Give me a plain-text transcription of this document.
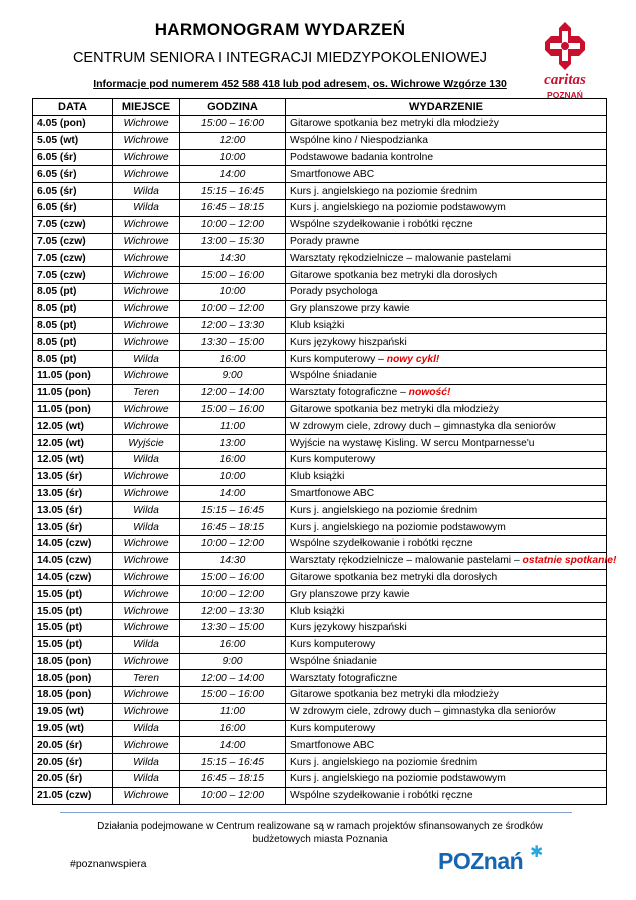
HARMONOGRAM WYDARZEŃ
CENTRUM SENIORA I INTEGRACJI MIEDZYPOKOLENIOWEJ
Informacje pod numerem 452 588 418 lub pod adresem, os. Wichrowe Wzgórze 130	caritas
POZNAŃ
DATA	MIEJSCE	GODZINA	WYDARZENIE
4.05 (pon)	Wichrowe	15:00 – 16:00	Gitarowe spotkania bez metryki dla młodzieży
5.05 (wt)	Wichrowe	12:00	Wspólne kino / Niespodzianka
6.05 (śr)	Wichrowe	10:00	Podstawowe badania kontrolne
6.05 (śr)	Wichrowe	14:00	Smartfonowe ABC
6.05 (śr)	Wilda	15:15 – 16:45	Kurs j. angielskiego na poziomie średnim
6.05 (śr)	Wilda	16:45 – 18:15	Kurs j. angielskiego na poziomie podstawowym
7.05 (czw)	Wichrowe	10:00 – 12:00	Wspólne szydełkowanie i robótki ręczne
7.05 (czw)	Wichrowe	13:00 – 15:30	Porady prawne
7.05 (czw)	Wichrowe	14:30	Warsztaty rękodzielnicze – malowanie pastelami
7.05 (czw)	Wichrowe	15:00 – 16:00	Gitarowe spotkania bez metryki dla dorosłych
8.05 (pt)	Wichrowe	10:00	Porady psychologa
8.05 (pt)	Wichrowe	10:00 – 12:00	Gry planszowe przy kawie
8.05 (pt)	Wichrowe	12:00 – 13:30	Klub książki
8.05 (pt)	Wichrowe	13:30 – 15:00	Kurs językowy hiszpański
8.05 (pt)	Wilda	16:00	Kurs komputerowy – nowy cykl!
11.05 (pon)	Wichrowe	9:00	Wspólne śniadanie
11.05 (pon)	Teren	12:00 – 14:00	Warsztaty fotograficzne – nowość!
11.05 (pon)	Wichrowe	15:00 – 16:00	Gitarowe spotkania bez metryki dla młodzieży
12.05 (wt)	Wichrowe	11:00	W zdrowym ciele, zdrowy duch – gimnastyka dla seniorów
12.05 (wt)	Wyjście	13:00	Wyjście na wystawę Kisling. W sercu Montparnesse'u
12.05 (wt)	Wilda	16:00	Kurs komputerowy
13.05 (śr)	Wichrowe	10:00	Klub książki
13.05 (śr)	Wichrowe	14:00	Smartfonowe ABC
13.05 (śr)	Wilda	15:15 – 16:45	Kurs j. angielskiego na poziomie średnim
13.05 (śr)	Wilda	16:45 – 18:15	Kurs j. angielskiego na poziomie podstawowym
14.05 (czw)	Wichrowe	10:00 – 12:00	Wspólne szydełkowanie i robótki ręczne
14.05 (czw)	Wichrowe	14:30	Warsztaty rękodzielnicze – malowanie pastelami – ostatnie spotkanie!
14.05 (czw)	Wichrowe	15:00 – 16:00	Gitarowe spotkania bez metryki dla dorosłych
15.05 (pt)	Wichrowe	10:00 – 12:00	Gry planszowe przy kawie
15.05 (pt)	Wichrowe	12:00 – 13:30	Klub książki
15.05 (pt)	Wichrowe	13:30 – 15:00	Kurs językowy hiszpański
15.05 (pt)	Wilda	16:00	Kurs komputerowy
18.05 (pon)	Wichrowe	9:00	Wspólne śniadanie
18.05 (pon)	Teren	12:00 – 14:00	Warsztaty fotograficzne
18.05 (pon)	Wichrowe	15:00 – 16:00	Gitarowe spotkania bez metryki dla młodzieży
19.05 (wt)	Wichrowe	11:00	W zdrowym ciele, zdrowy duch – gimnastyka dla seniorów
19.05 (wt)	Wilda	16:00	Kurs komputerowy
20.05 (śr)	Wichrowe	14:00	Smartfonowe ABC
20.05 (śr)	Wilda	15:15 – 16:45	Kurs j. angielskiego na poziomie średnim
20.05 (śr)	Wilda	16:45 – 18:15	Kurs j. angielskiego na poziomie podstawowym
21.05 (czw)	Wichrowe	10:00 – 12:00	Wspólne szydełkowanie i robótki ręczne
Działania podejmowane w Centrum realizowane są w ramach projektów sfinansowanych ze środków budżetowych miasta Poznania
#poznanwspiera	POZnań ✱
